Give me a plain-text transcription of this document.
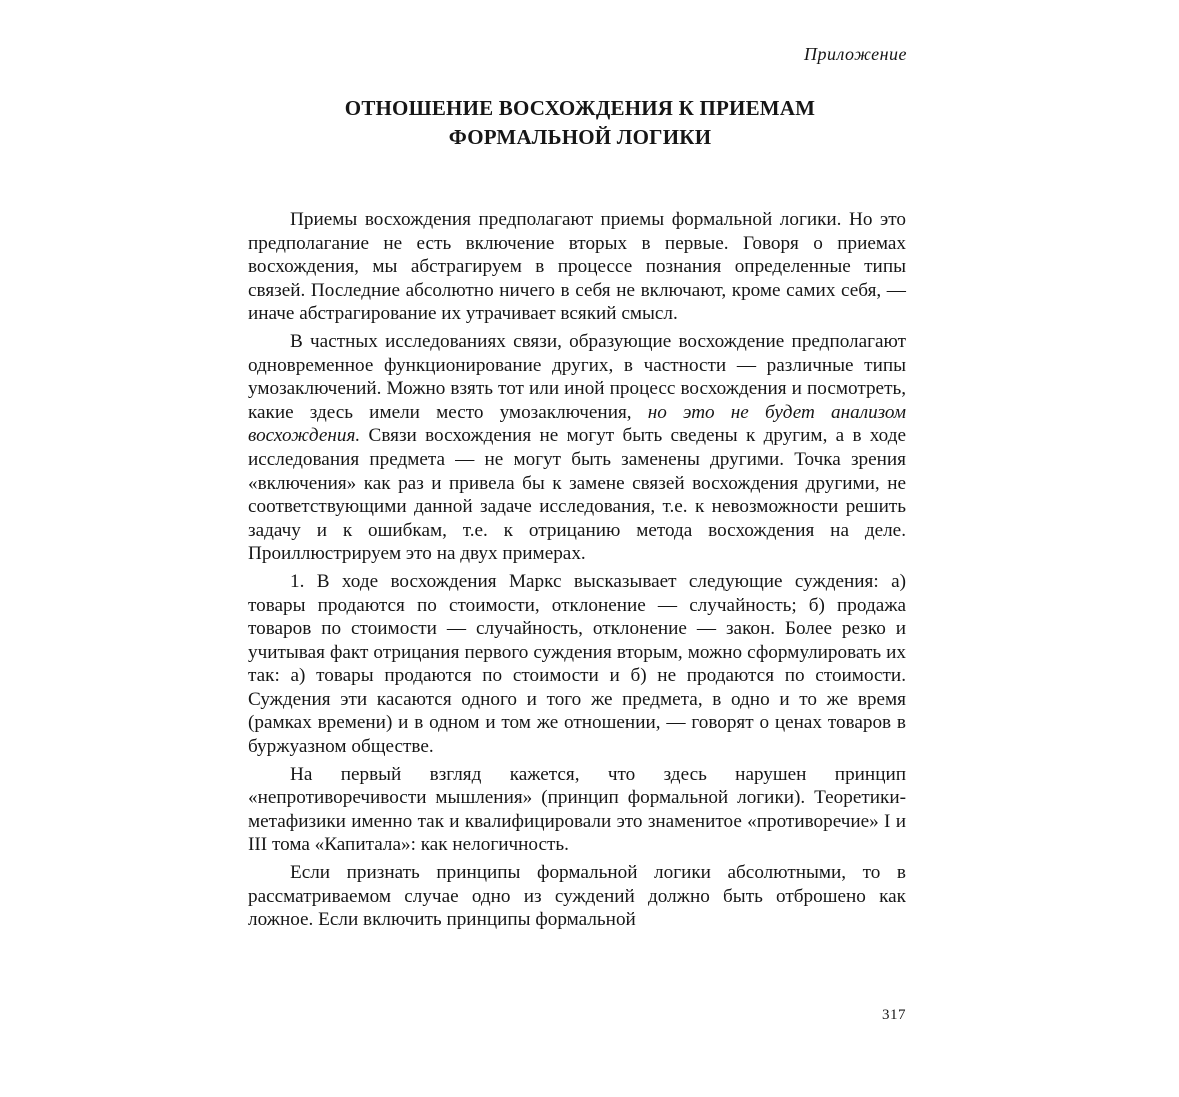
Приложение
ОТНОШЕНИЕ ВОСХОЖДЕНИЯ К ПРИЕМАМ
ФОРМАЛЬНОЙ ЛОГИКИ

Приемы восхождения предполагают приемы формальной логики. Но это предполагание не есть включение вторых в первые. Говоря о приемах восхождения, мы абстрагируем в процессе познания определенные типы связей. Последние абсолютно ничего в себя не включают, кроме самих себя, — иначе абстрагирование их утрачивает всякий смысл.

В частных исследованиях связи, образующие восхождение предполагают одновременное функционирование других, в частности — различные типы умозаключений. Можно взять тот или иной процесс восхождения и посмотреть, какие здесь имели место умозаключения, но это не будет анализом восхождения. Связи восхождения не могут быть сведены к другим, а в ходе исследования предмета — не могут быть заменены другими. Точка зрения «включения» как раз и привела бы к замене связей восхождения другими, не соответствующими данной задаче исследования, т.е. к невозможности решить задачу и к ошибкам, т.е. к отрицанию метода восхождения на деле. Проиллюстрируем это на двух примерах.

1. В ходе восхождения Маркс высказывает следующие суждения: а) товары продаются по стоимости, отклонение — случайность; б) продажа товаров по стоимости — случайность, отклонение — закон. Более резко и учитывая факт отрицания первого суждения вторым, можно сформулировать их так: а) товары продаются по стоимости и б) не продаются по стоимости. Суждения эти касаются одного и того же предмета, в одно и то же время (рамках времени) и в одном и том же отношении, — говорят о ценах товаров в буржуазном обществе.

На первый взгляд кажется, что здесь нарушен принцип «непротиворечивости мышления» (принцип формальной логики). Теоретики-метафизики именно так и квалифицировали это знаменитое «противоречие» I и III тома «Капитала»: как нелогичность.

Если признать принципы формальной логики абсолютными, то в рассматриваемом случае одно из суждений должно быть отброшено как ложное. Если включить принципы формальной

317
